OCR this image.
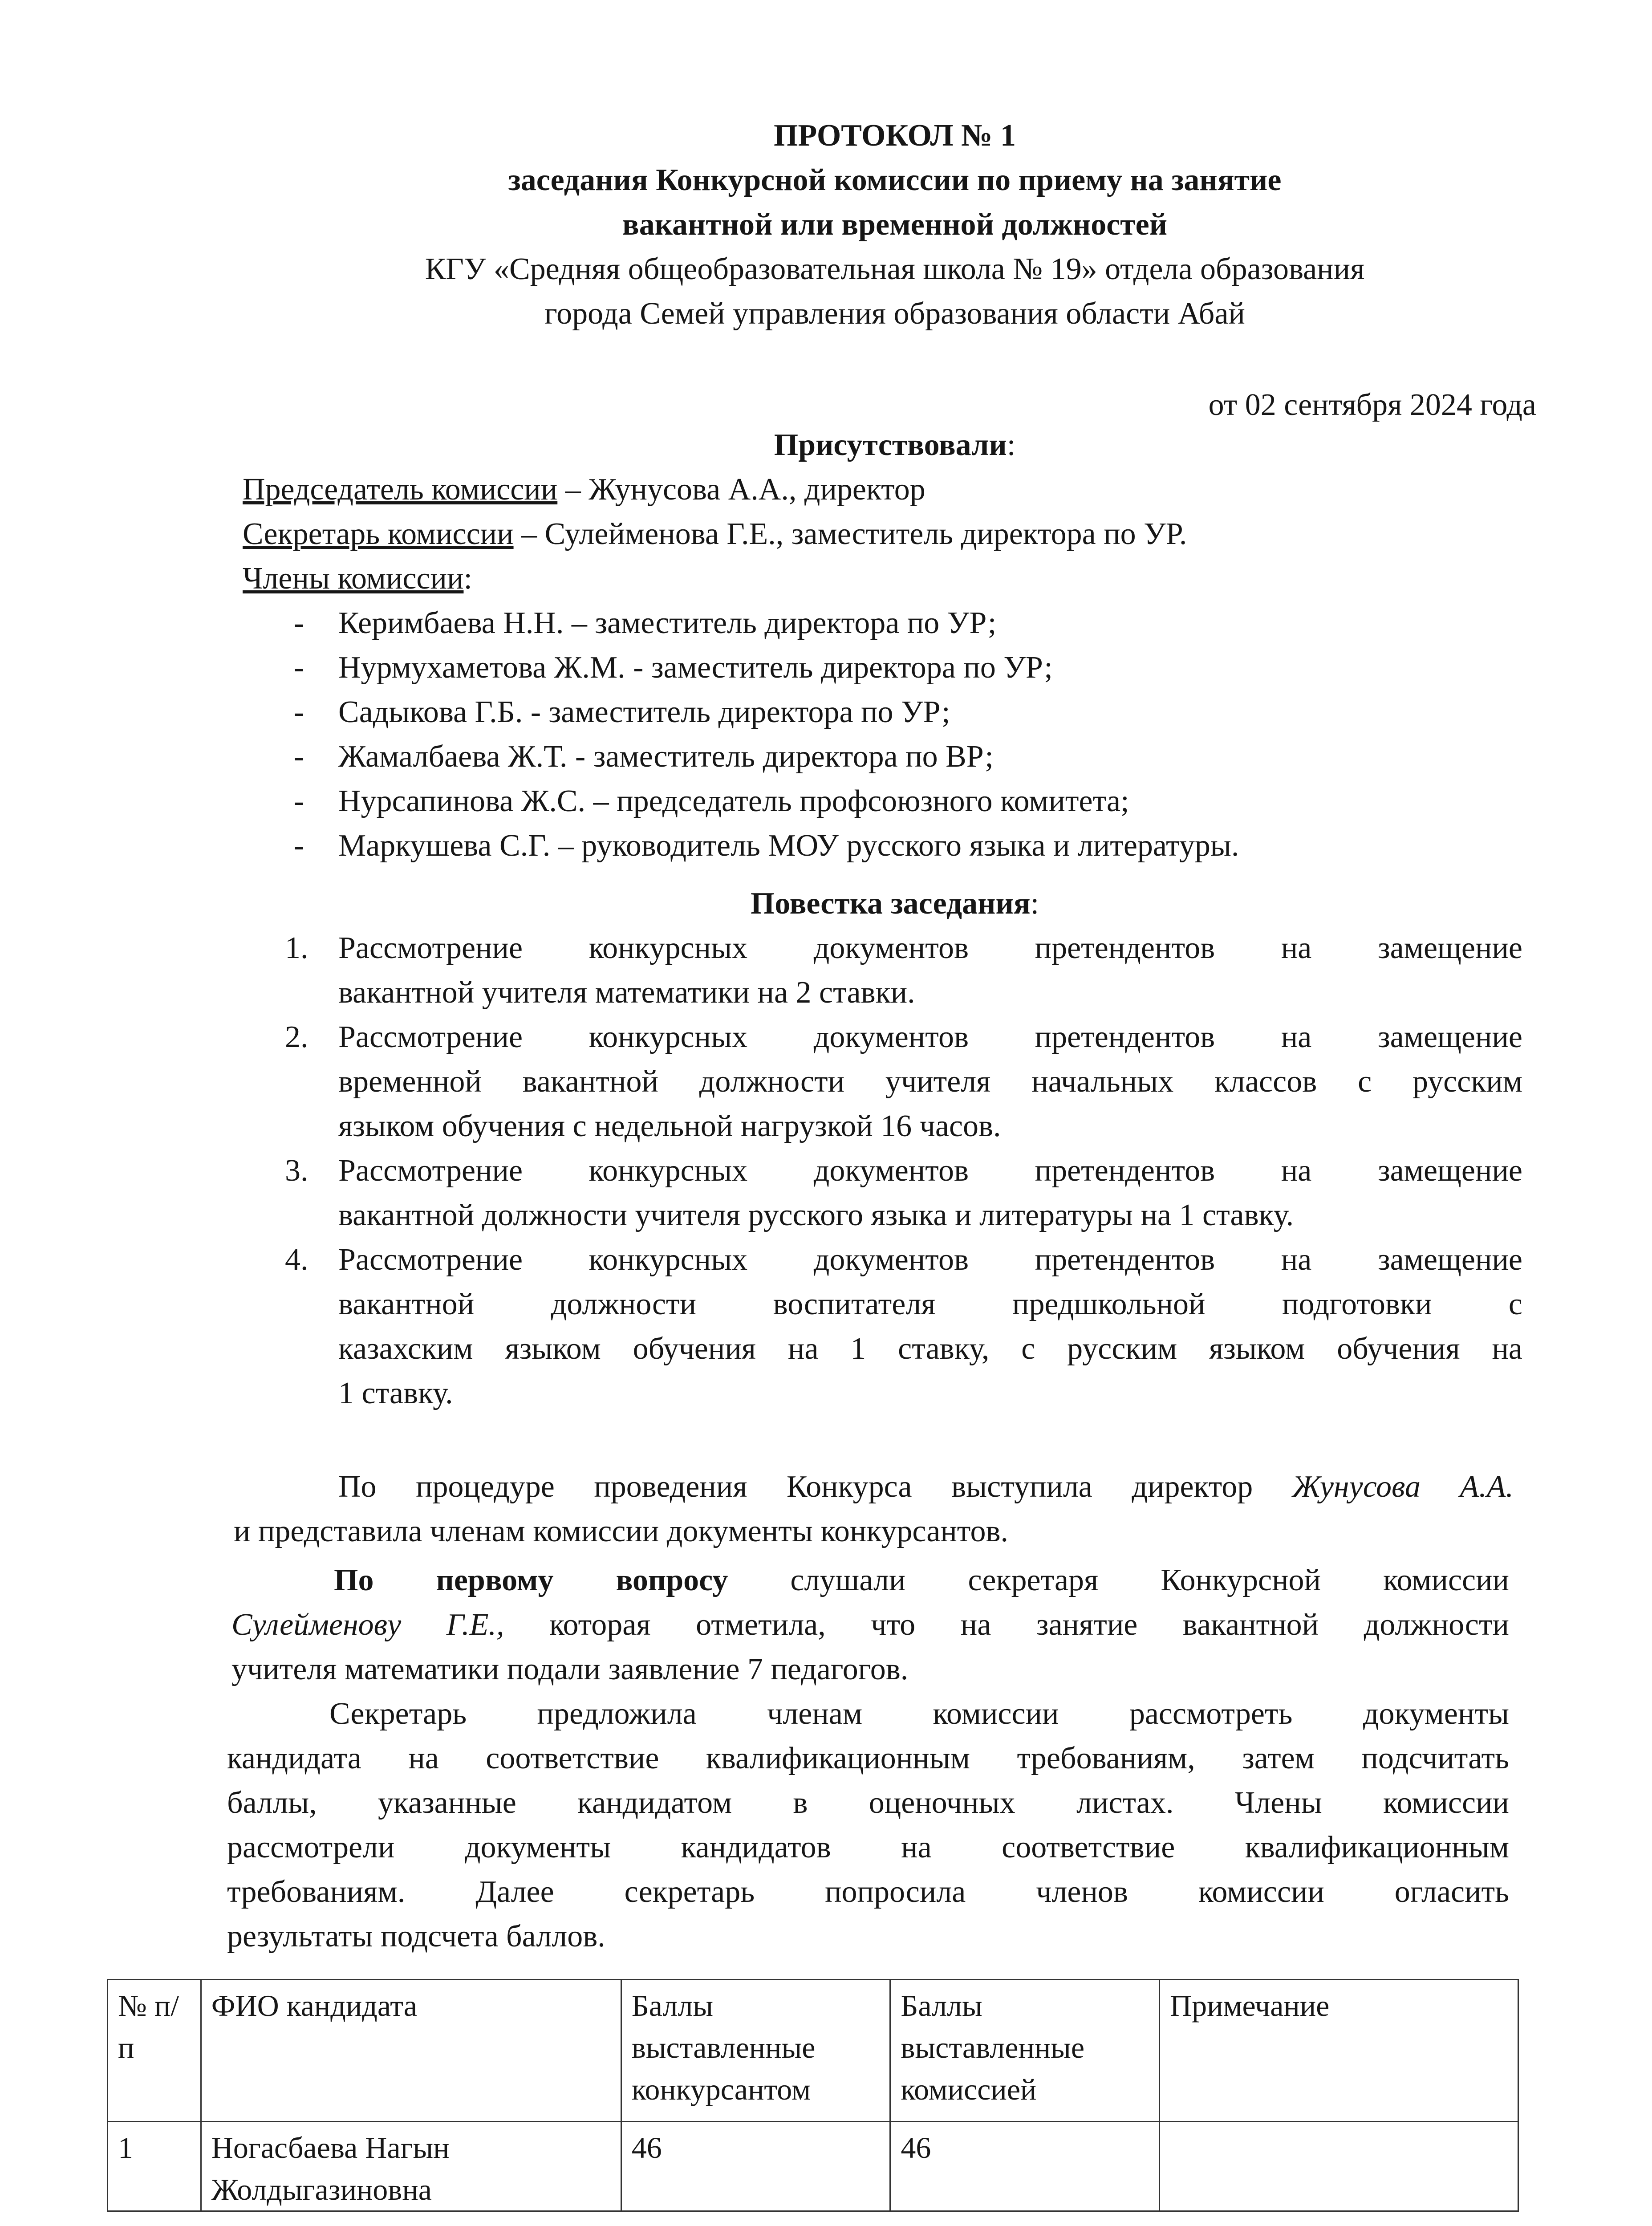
ПРОТОКОЛ № 1
заседания Конкурсной комиссии по приему на занятие
вакантной или временной должностей
КГУ «Средняя общеобразовательная школа № 19» отдела образования
города Семей управления образования области Абай
от 02 сентября 2024 года
Присутствовали:
Председатель комиссии – Жунусова А.А., директор
Секретарь комиссии – Сулейменова Г.Е., заместитель директора по УР.
Члены комиссии:
- Керимбаева Н.Н. – заместитель директора по УР;
- Нурмухаметова Ж.М. - заместитель директора по УР;
- Садыкова Г.Б. - заместитель директора по УР;
- Жамалбаева Ж.Т. - заместитель директора по ВР;
- Нурсапинова Ж.С. – председатель профсоюзного комитета;
- Маркушева С.Г. – руководитель МОУ русского языка и литературы.
Повестка заседания:
1. Рассмотрение конкурсных документов претендентов на замещение
вакантной учителя математики на 2 ставки.
2. Рассмотрение конкурсных документов претендентов на замещение
временной вакантной должности учителя начальных классов с русским
языком обучения с недельной нагрузкой 16 часов.
3. Рассмотрение конкурсных документов претендентов на замещение
вакантной должности учителя русского языка и литературы на 1 ставку.
4. Рассмотрение конкурсных документов претендентов на замещение
вакантной должности воспитателя предшкольной подготовки с
казахским языком обучения на 1 ставку, с русским языком обучения на
1 ставку.
По процедуре проведения Конкурса выступила директор Жунусова А.А.
и представила членам комиссии документы конкурсантов.
По первому вопросу слушали секретаря Конкурсной комиссии
Сулейменову Г.Е., которая отметила, что на занятие вакантной должности
учителя математики подали заявление 7 педагогов.
Секретарь предложила членам комиссии рассмотреть документы
кандидата на соответствие квалификационным требованиям, затем подсчитать
баллы, указанные кандидатом в оценочных листах. Члены комиссии
рассмотрели документы кандидатов на соответствие квалификационным
требованиям. Далее секретарь попросила членов комиссии огласить
результаты подсчета баллов.
№ п/п	ФИО кандидата	Баллы выставленные конкурсантом	Баллы выставленные комиссией	Примечание
1	Ногасбаева Нагын Жолдыгазиновна	46	46	
